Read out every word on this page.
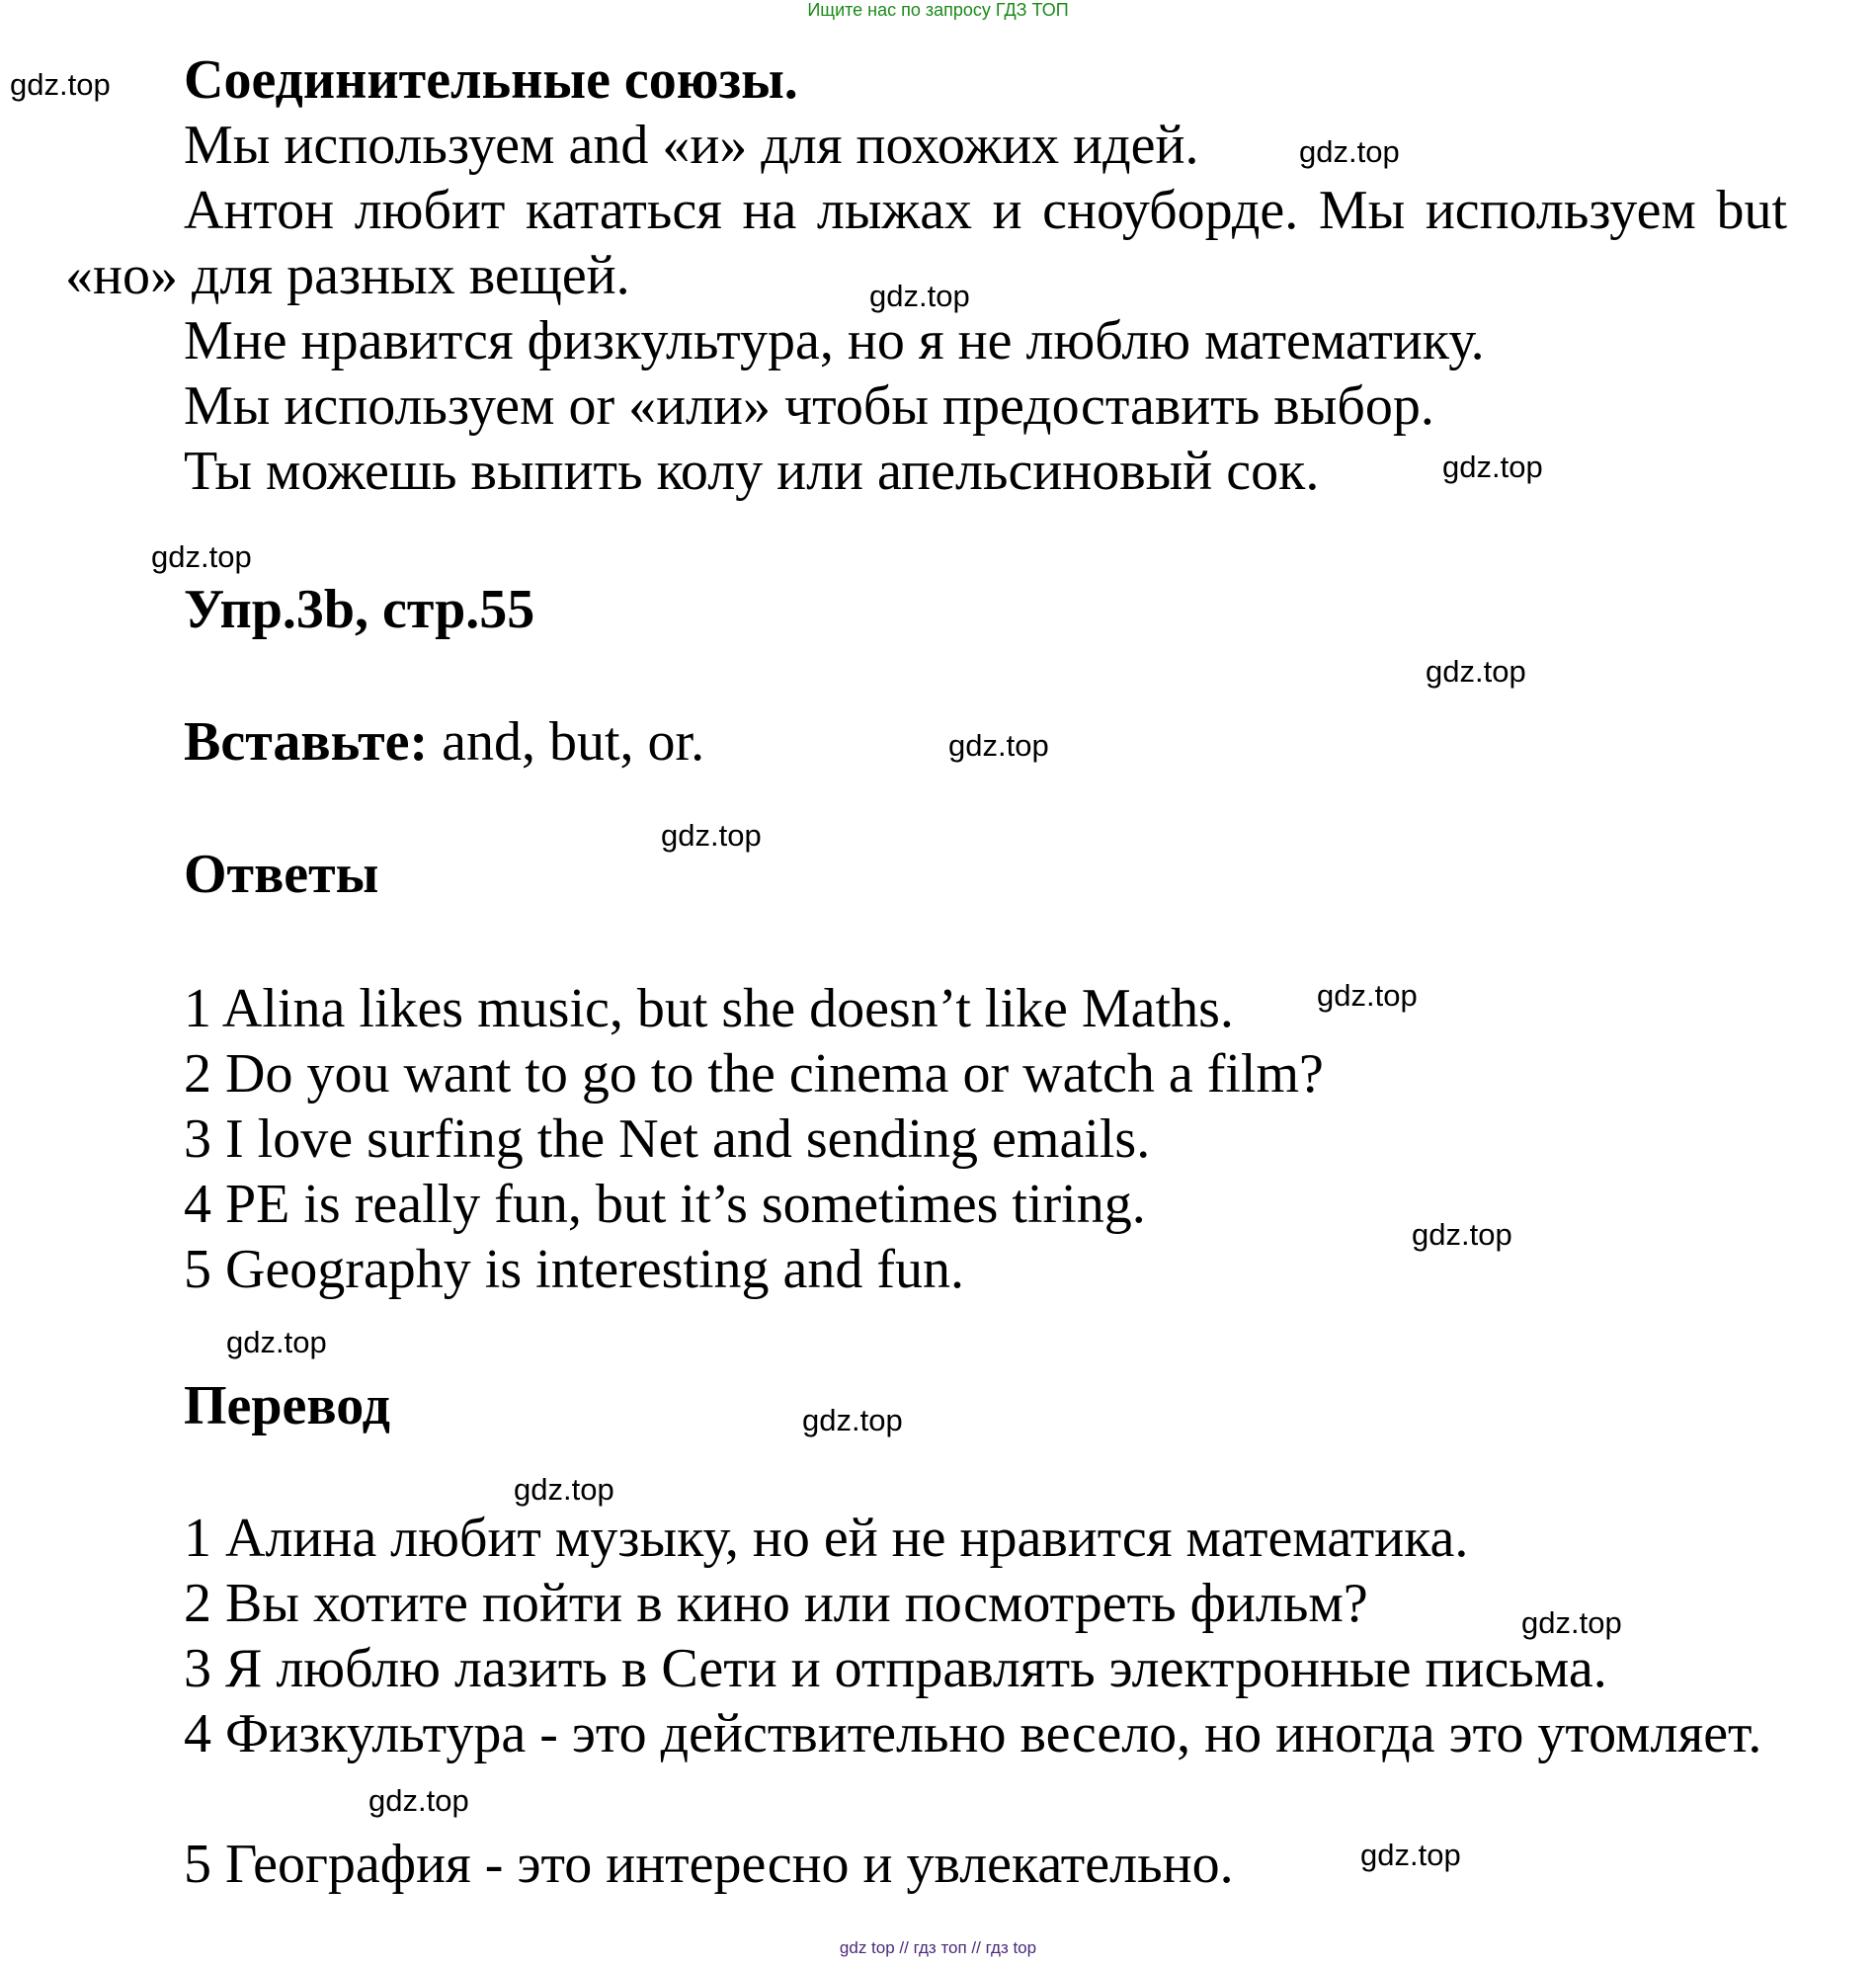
Ищите нас по запросу ГДЗ ТОП
gdz top // гдз топ // гдз top
Соединительные союзы.
Мы используем and «и» для похожих идей.

Антон любит кататься на лыжах и сноуборде. Мы используем but «но» для разных вещей.

Мне нравится физкультура, но я не люблю математику.
Мы используем or «или» чтобы предоставить выбор.
Ты можешь выпить колу или апельсиновый сок.
Упр.3b, стр.55
Вставьте: and, but, or.
Ответы
1 Alina likes music, but she doesn’t like Maths.
2 Do you want to go to the cinema or watch a film?
3 I love surfing the Net and sending emails.
4 PE is really fun, but it’s sometimes tiring.
5 Geography is interesting and fun.
Перевод
1 Алина любит музыку, но ей не нравится математика.
2 Вы хотите пойти в кино или посмотреть фильм?
3 Я люблю лазить в Сети и отправлять электронные письма.

4 Физкультура - это действительно весело, но иногда это утомляет.

5 География - это интересно и увлекательно.
gdz.top
gdz.top
gdz.top
gdz.top
gdz.top
gdz.top
gdz.top
gdz.top
gdz.top
gdz.top
gdz.top
gdz.top
gdz.top
gdz.top
gdz.top
gdz.top
